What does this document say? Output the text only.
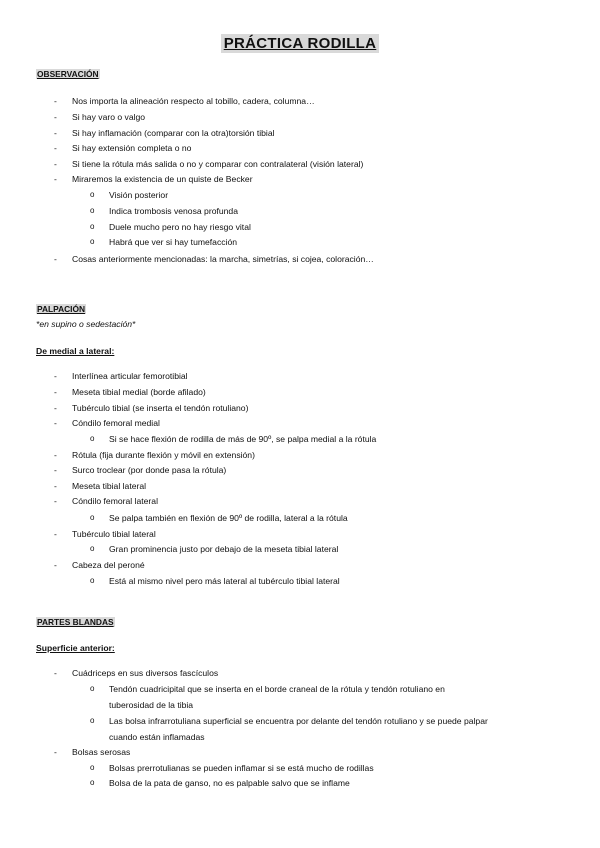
PRÁCTICA RODILLA
OBSERVACIÓN
- Nos importa la alineación respecto al tobillo, cadera, columna…
- Si hay varo o valgo
- Si hay inflamación (comparar con la otra)torsión tibial
- Si hay extensión completa o no
- Si tiene la rótula más salida o no y comparar con contralateral (visión lateral)
- Miraremos la existencia de un quiste de Becker
o Visión posterior
o Indica trombosis venosa profunda
o Duele mucho pero no hay riesgo vital
o Habrá que ver si hay tumefacción
- Cosas anteriormente mencionadas: la marcha, simetrías, si cojea, coloración…
PALPACIÓN
*en supino o sedestación*
De medial a lateral:
- Interlínea articular femorotibial
- Meseta tibial medial (borde afilado)
- Tubérculo tibial (se inserta el tendón rotuliano)
- Cóndilo femoral medial
o Si se hace flexión de rodilla de más de 90º, se palpa medial a la rótula
- Rótula (fija durante flexión y móvil en extensión)
- Surco troclear (por donde pasa la rótula)
- Meseta tibial lateral
- Cóndilo femoral lateral
o Se palpa también en flexión de 90º de rodilla, lateral a la rótula
- Tubérculo tibial lateral
o Gran prominencia justo por debajo de la meseta tibial lateral
- Cabeza del peroné
o Está al mismo nivel pero más lateral al tubérculo tibial lateral
PARTES BLANDAS
Superficie anterior:
- Cuádriceps en sus diversos fascículos
o Tendón cuadricipital que se inserta en el borde craneal de la rótula y tendón rotuliano en
tuberosidad de la tibia
o Las bolsa infrarrotuliana superficial se encuentra por delante del tendón rotuliano y se puede palpar
cuando están inflamadas
- Bolsas serosas
o Bolsas prerrotulianas se pueden inflamar si se está mucho de rodillas
o Bolsa de la pata de ganso, no es palpable salvo que se inflame
